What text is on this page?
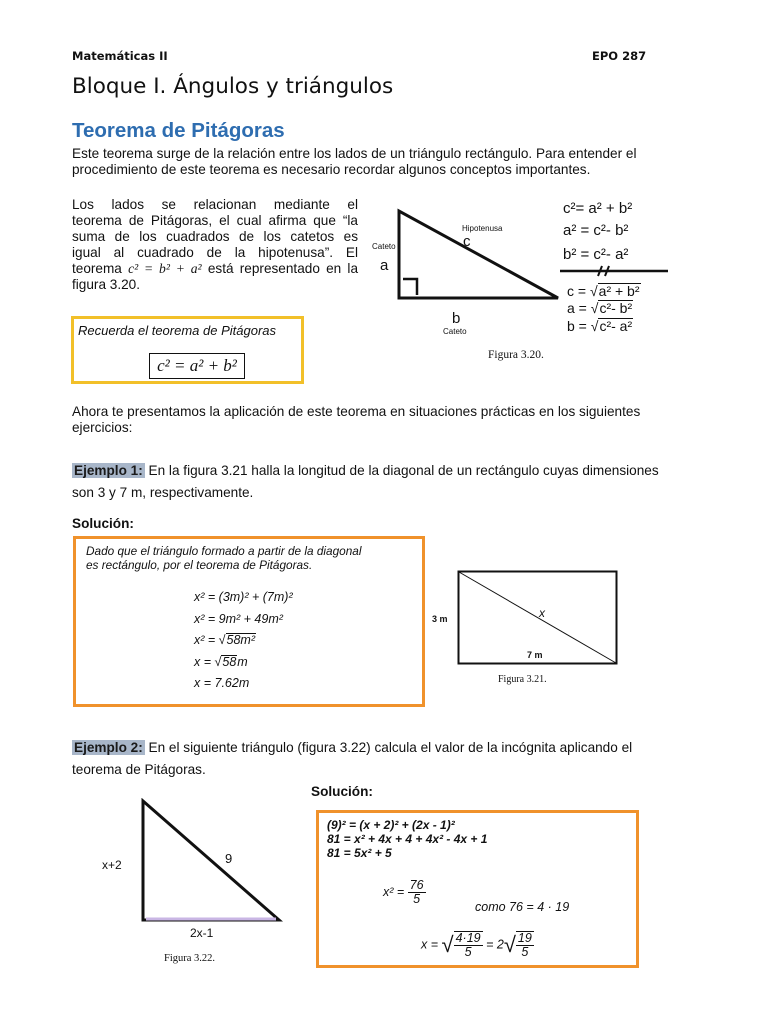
Matemáticas II	EPO 287
Bloque I. Ángulos y triángulos
Teorema de Pitágoras
Este teorema surge de la relación entre los lados de un triángulo rectángulo. Para entender el
procedimiento de este teorema es necesario recordar algunos conceptos importantes.
Los lados se relacionan mediante el
teorema de Pitágoras, el cual afirma que “la
suma de los cuadrados de los catetos es
igual al cuadrado de la hipotenusa”. El
teorema c² = b² + a² está representado en la
figura 3.20.
Recuerda el teorema de Pitágoras
c² = a² + b²
Hipotenusa
c
Cateto
a
b
Cateto
Figura 3.20.
c²= a² + b²
a² = c²- b²
b² = c²- a²
c = √a² + b²
a = √c²- b²
b = √c²- a²
Ahora te presentamos la aplicación de este teorema en situaciones prácticas en los siguientes
ejercicios:
Ejemplo 1: En la figura 3.21 halla la longitud de la diagonal de un rectángulo cuyas dimensiones
son 3 y 7 m, respectivamente.
Solución:
Dado que el triángulo formado a partir de la diagonal
es rectángulo, por el teorema de Pitágoras.
x² = (3m)² + (7m)²
x² = 9m² + 49m²
x² = √58m²
x = √58m
x = 7.62m
3 m	x
7 m
Figura 3.21.
Ejemplo 2: En el siguiente triángulo (figura 3.22) calcula el valor de la incógnita aplicando el
teorema de Pitágoras.
Solución:
x+2	9
2x-1
Figura 3.22.
(9)² = (x + 2)² + (2x - 1)²
81 = x² + 4x + 4 + 4x² - 4x + 1
81 = 5x² + 5
$x^2 = \frac{76}{5}$
como 76 = 4 · 19
x = √ $\frac{4\cdot 19}{5} = 2√ \frac{19}{5}$
